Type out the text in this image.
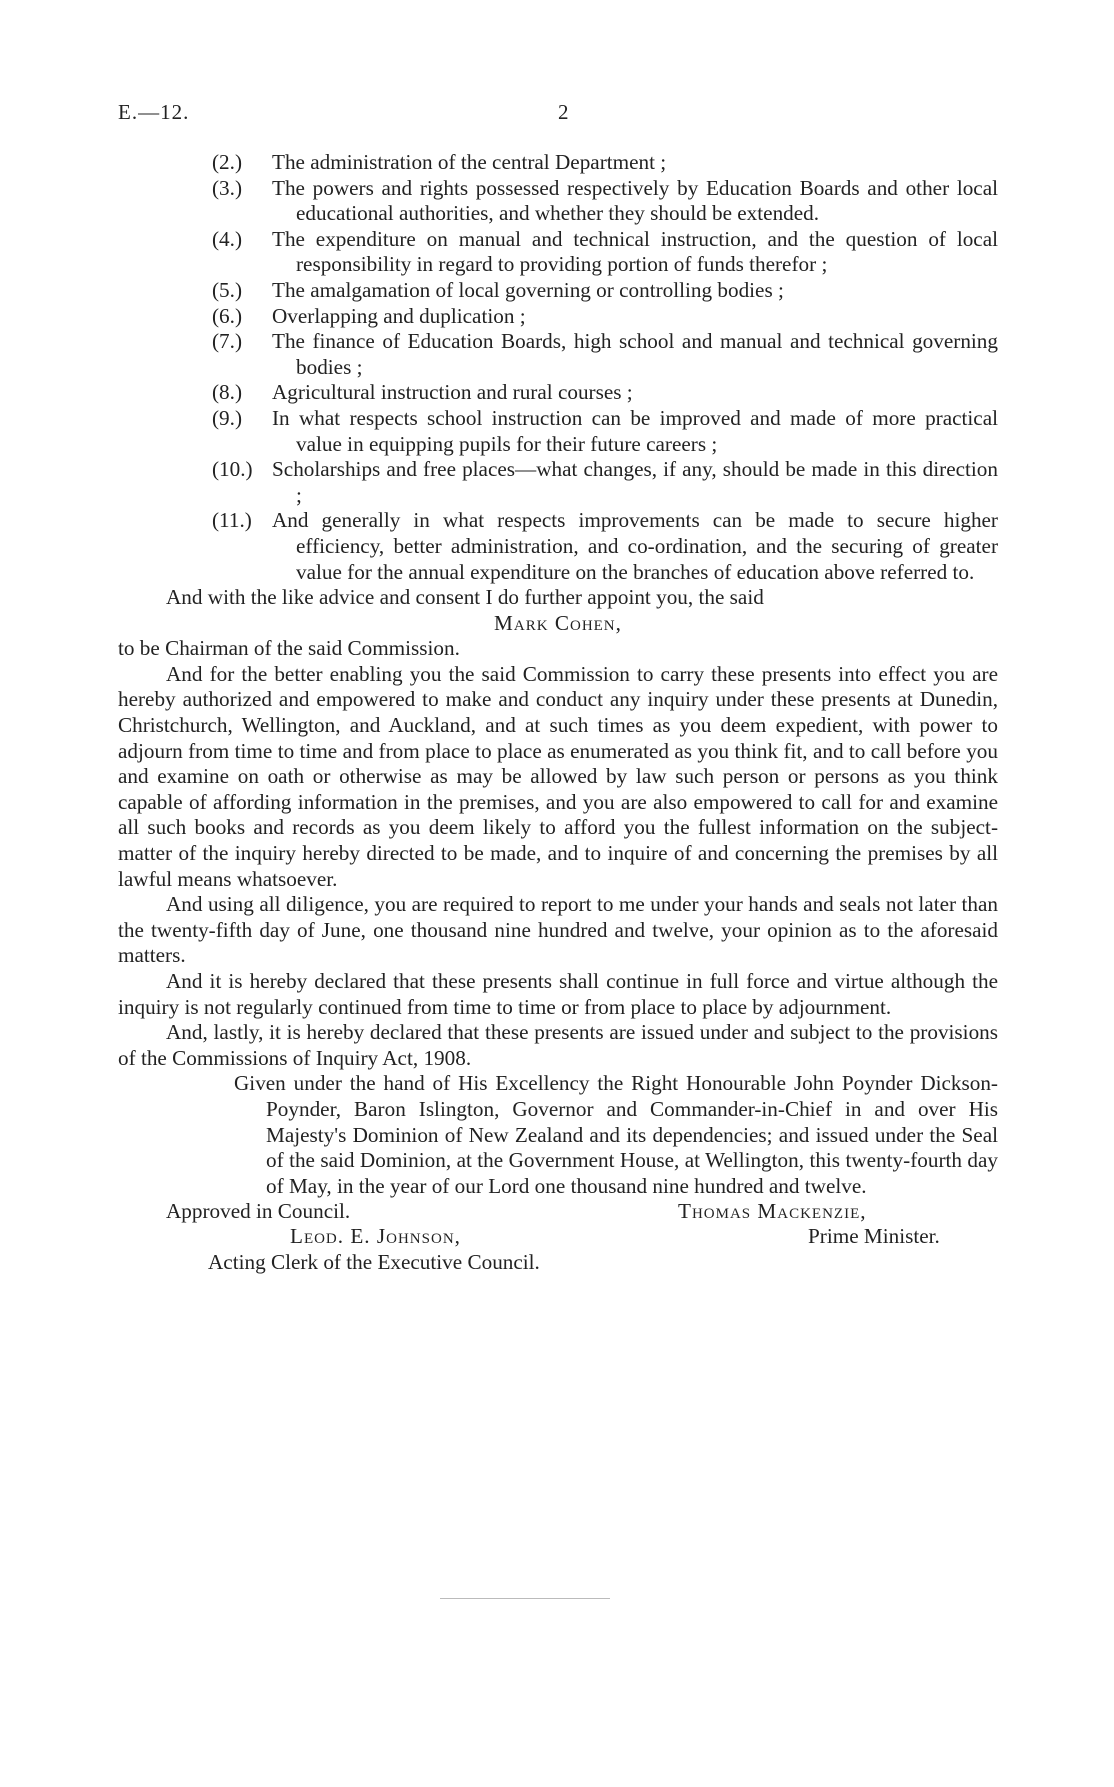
E.—12.	2
(2.)	The administration of the central Department ;
(3.)	The powers and rights possessed respectively by Education Boards and other local educational authorities, and whether they should be extended.
(4.)	The expenditure on manual and technical instruction, and the question of local responsibility in regard to providing portion of funds therefor ;
(5.)	The amalgamation of local governing or controlling bodies ;
(6.)	Overlapping and duplication ;
(7.)	The finance of Education Boards, high school and manual and technical governing bodies ;
(8.)	Agricultural instruction and rural courses ;
(9.)	In what respects school instruction can be improved and made of more practical value in equipping pupils for their future careers ;
(10.) Scholarships and free places—what changes, if any, should be made in this direction ;
(11.) And generally in what respects improvements can be made to secure higher efficiency, better administration, and co-ordination, and the securing of greater value for the annual expenditure on the branches of education above referred to.

And with the like advice and consent I do further appoint you, the said

Mark Cohen,

to be Chairman of the said Commission.

And for the better enabling you the said Commission to carry these presents into effect you are hereby authorized and empowered to make and conduct any inquiry under these presents at Dunedin, Christchurch, Wellington, and Auckland, and at such times as you deem expedient, with power to adjourn from time to time and from place to place as enumerated as you think fit, and to call before you and examine on oath or otherwise as may be allowed by law such person or persons as you think capable of affording information in the premises, and you are also empowered to call for and examine all such books and records as you deem likely to afford you the fullest information on the subject-matter of the inquiry hereby directed to be made, and to inquire of and concerning the premises by all lawful means whatsoever.

And using all diligence, you are required to report to me under your hands and seals not later than the twenty-fifth day of June, one thousand nine hundred and twelve, your opinion as to the aforesaid matters.

And it is hereby declared that these presents shall continue in full force and virtue although the inquiry is not regularly continued from time to time or from place to place by adjournment.

And, lastly, it is hereby declared that these presents are issued under and subject to the provisions of the Commissions of Inquiry Act, 1908.

Given under the hand of His Excellency the Right Honourable John Poynder Dickson-Poynder, Baron Islington, Governor and Commander-in-Chief in and over His Majesty's Dominion of New Zealand and its dependencies; and issued under the Seal of the said Dominion, at the Government House, at Wellington, this twenty-fourth day of May, in the year of our Lord one thousand nine hundred and twelve.

Approved in Council.	Thomas Mackenzie,
Leod. E. Johnson,	Prime Minister.
Acting Clerk of the Executive Council.
